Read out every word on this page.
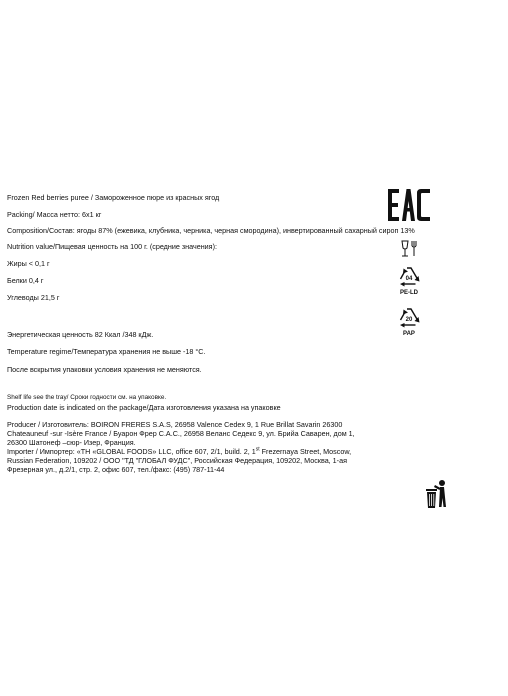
Frozen Red berries puree / Замороженное пюре из красных ягод
Packing/ Масса нетто: 6х1 кг
Composition/Состав: ягоды 87% (ежевика, клубника, черника, черная смородина), инвертированный сахарный сироп 13%
Nutrition value/Пищевая ценность на 100 г. (средние значения):
Жиры < 0,1 г
Белки 0,4 г
Углеводы 21,5 г
Энергетическая ценность 82 Ккал /348 кДж.
Temperature regime/Температура хранения не выше -18 °С.
После вскрытия упаковки условия хранения не меняются.
Shelf life see the tray/ Сроки годности см. на упаковке.
Production date is indicated on the package/Дата изготовления указана на упаковке
Producer / Изготовитель: BOIRON FRERES S.A.S, 26958 Valence Cedex 9, 1 Rue Brillat Savarin 26300 Chateauneuf -sur -Isère France / Буарон Фрер С.А.С., 26958 Веланс Седекс 9, ул. Брийа Саварен, дом 1, 26300 Шатонеф –сюр- Изер, Франция.
Importer / Импортер: «ТН «GLOBAL FOODS» LLC, office 607, 2/1, build. 2, 1st Frezernaya Street, Moscow, Russian Federation, 109202 / ООО "ТД "ГЛОБАЛ ФУДС", Российская Федерация, 109202, Москва, 1-ая Фрезерная ул., д.2/1, стр. 2, офис 607, тел./факс: (495) 787-11-44
04
PE-LD
20
PAP
